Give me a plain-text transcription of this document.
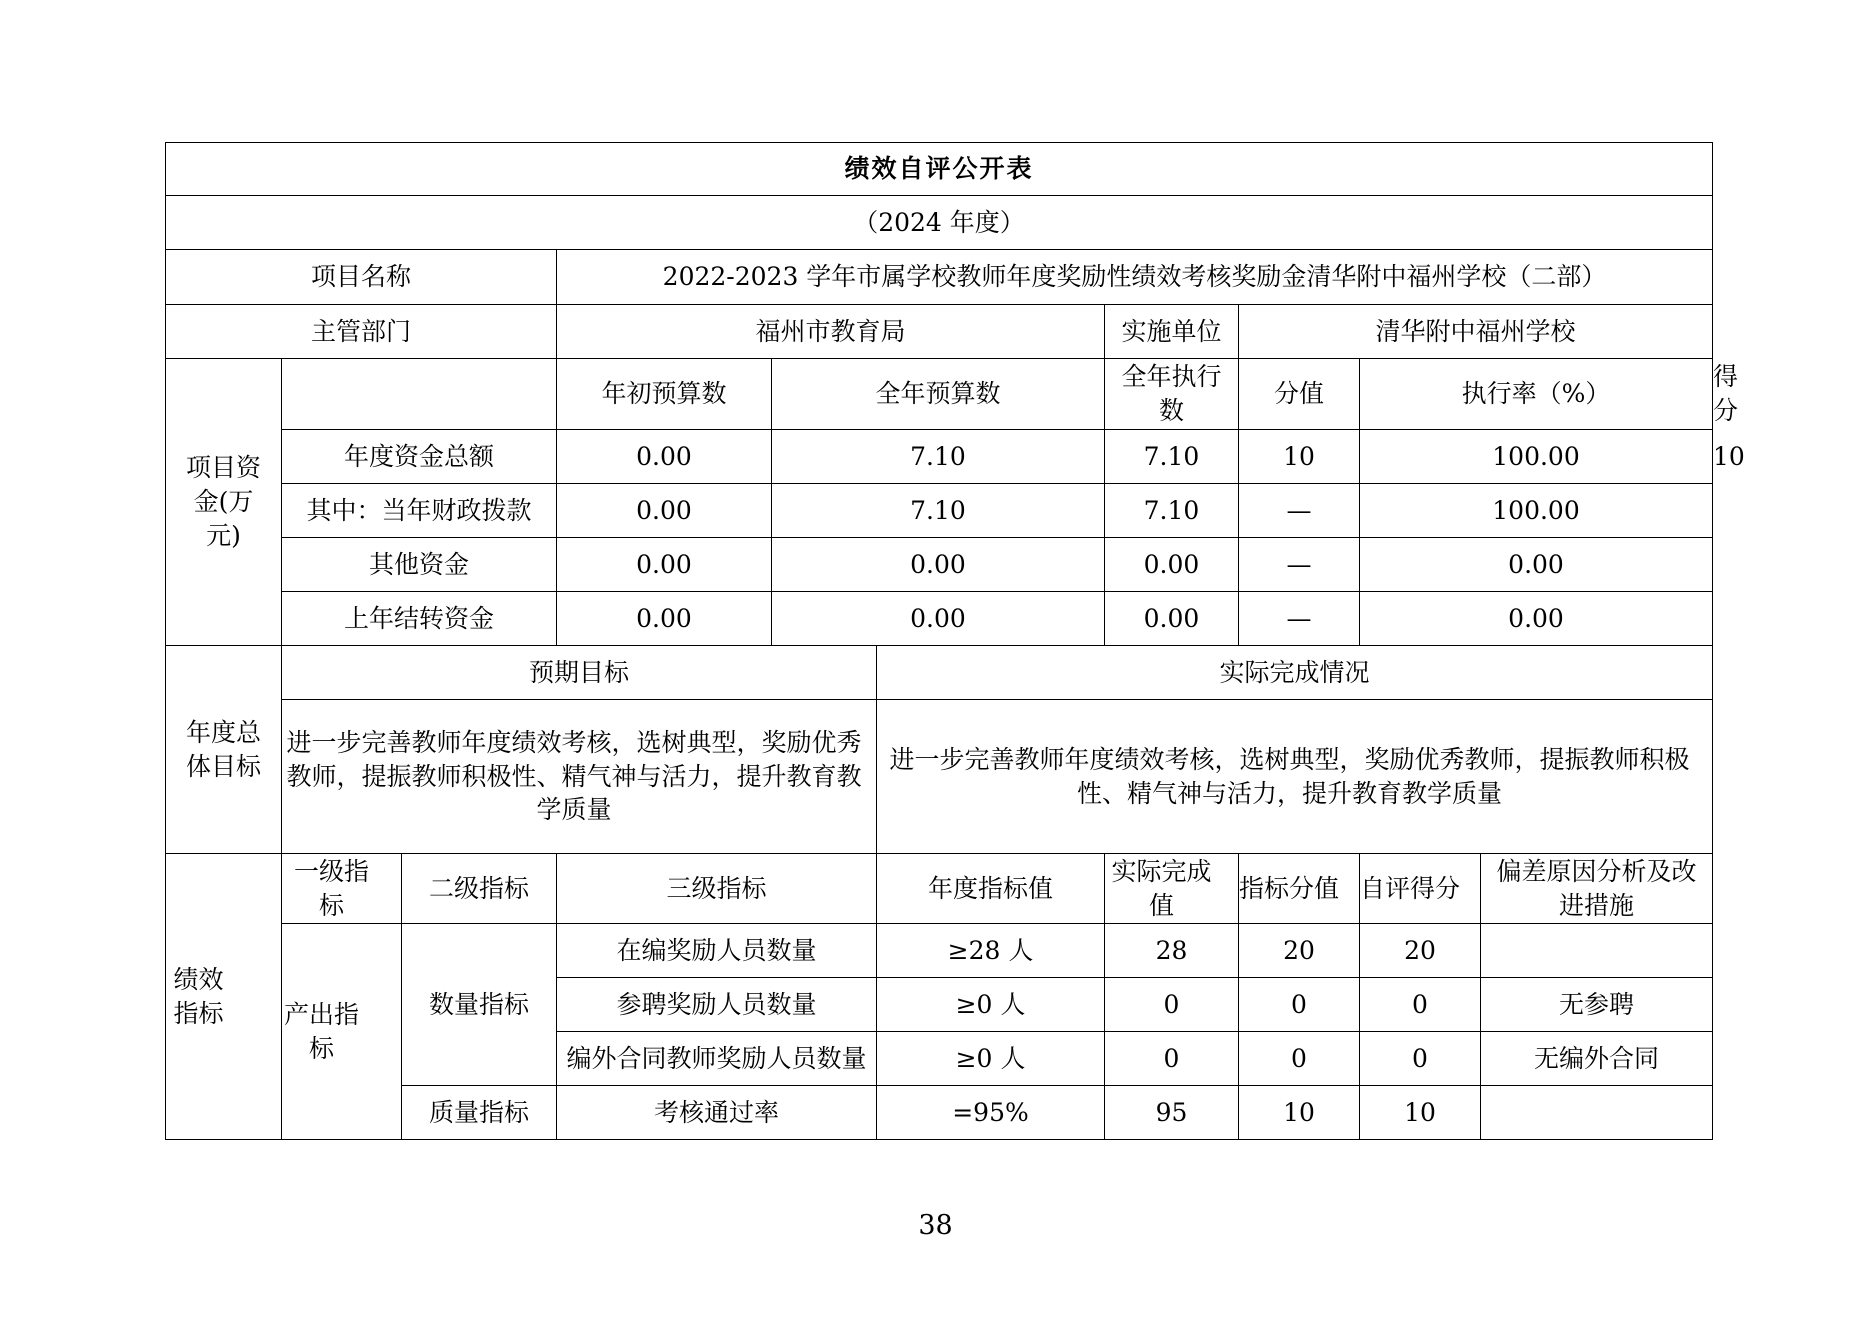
绩效自评公开表										
（2024 年度）										
项目名称			2022-2023 学年市属学校教师年度奖励性绩效考核奖励金清华附中福州学校（二部）							
主管部门			福州市教育局			实施单位	清华附中福州学校			
项目资金(万元)			年初预算数	全年预算数		全年执行数	分值	执行率（%）		得分
	年度资金总额		0.00	7.10		7.10	10	100.00		10
	其中：当年财政拨款		0.00	7.10		7.10	—	100.00		
	其他资金		0.00	0.00		0.00	—	0.00		
	上年结转资金		0.00	0.00		0.00	—	0.00		
年度总体目标	预期目标				实际完成情况					
	进一步完善教师年度绩效考核，选树典型，奖励优秀教师，提振教师积极性、精气神与活力，提升教育教学质量				进一步完善教师年度绩效考核，选树典型，奖励优秀教师，提振教师积极性、精气神与活力，提升教育教学质量					
绩效指标	一级指标	二级指标	三级指标		年度指标值	实际完成值	指标分值	自评得分	偏差原因分析及改进措施	
	产出指标	数量指标	在编奖励人员数量		≥28 人	28	20	20		
			参聘奖励人员数量		≥0 人	0	0	0	无参聘	
			编外合同教师奖励人员数量		≥0 人	0	0	0	无编外合同	
		质量指标	考核通过率		=95%	95	10	10		
38
